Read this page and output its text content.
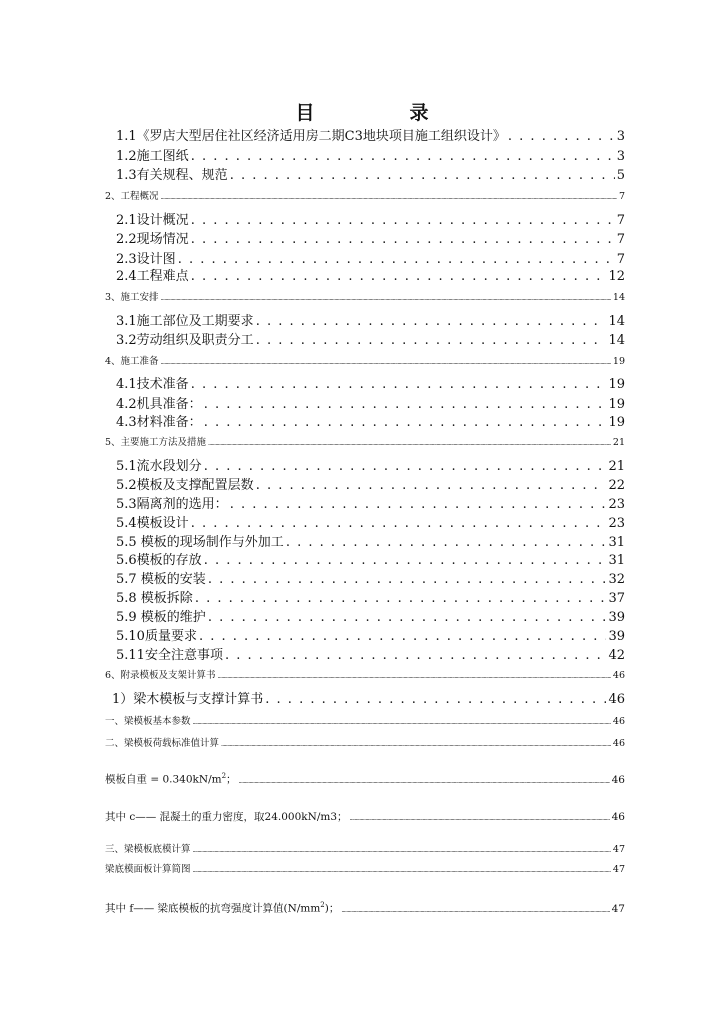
目　录
1.1《罗店大型居住社区经济适用房二期C3地块项目施工组织设计》 . . .	3
1.2施工图纸 . . .	3
1.3有关规程、规范 . . .	5
2、工程概况 . . .	7
2.1设计概况 . . .	7
2.2现场情况 . . .	7
2.3设计图 . . .	7
2.4工程难点 . . .	12
3、施工安排 . . .	14
3.1施工部位及工期要求 . . .	14
3.2劳动组织及职责分工 . . .	14
4、施工准备 . . .	19
4.1技术准备 . . .	19
4.2机具准备： . . .	19
4.3材料准备： . . .	19
5、主要施工方法及措施 . . .	21
5.1流水段划分 . . .	21
5.2模板及支撑配置层数 . . .	22
5.3隔离剂的选用： . . .	23
5.4模板设计 . . .	23
5.5 模板的现场制作与外加工 . . .	31
5.6模板的存放 . . .	31
5.7 模板的安装 . . .	32
5.8 模板拆除 . . .	37
5.9 模板的维护 . . .	39
5.10质量要求 . . .	39
5.11安全注意事项 . . .	42
6、附录模板及支架计算书 . . .	46
1）梁木模板与支撑计算书 . . .	46
一、梁模板基本参数 . . .	46
二、梁模板荷载标准值计算 . . .	46
模板自重 = $0.340kN/m^2$； . . .	46
其中 c—— 混凝土的重力密度，取24.000kN/m3； . . .	46
三、梁模板底模计算 . . .	47
梁底模面板计算简图 . . .	47
其中 f—— 梁底模板的抗弯强度计算值$(N/mm^2)$； . . .	47
